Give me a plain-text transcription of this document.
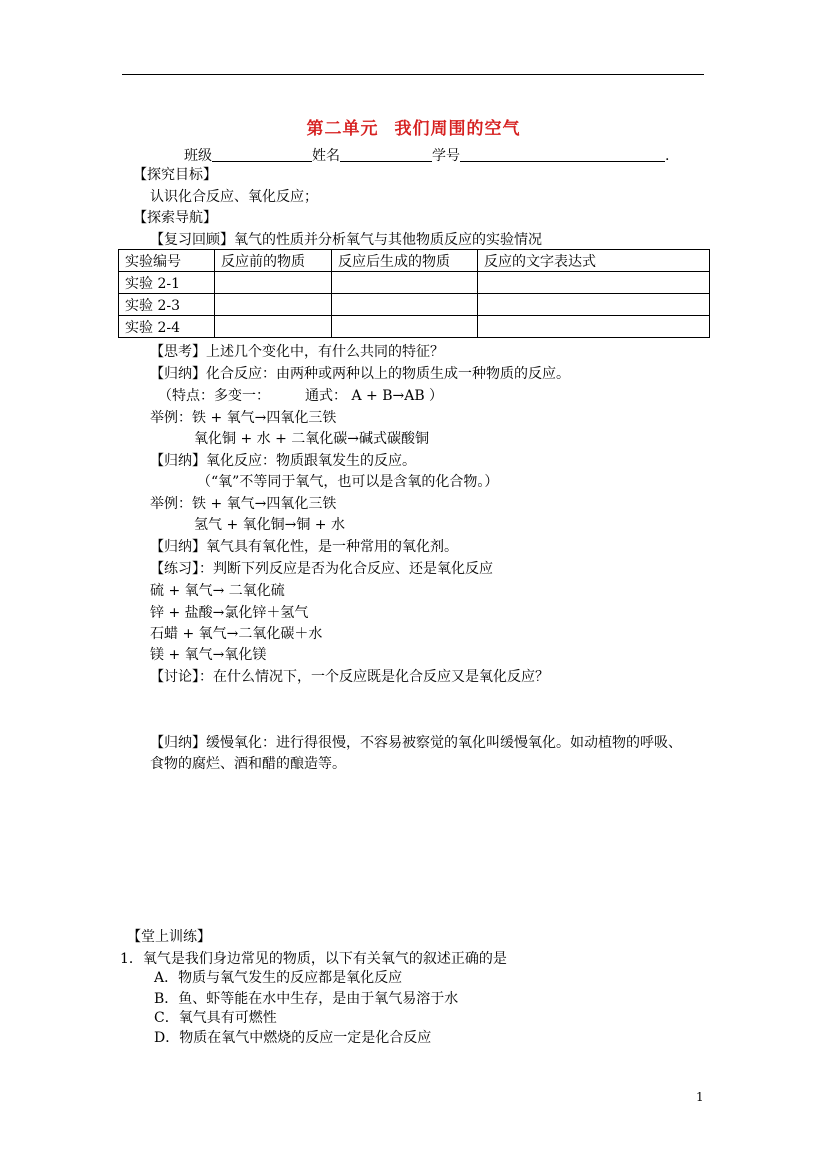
第二单元 我们周围的空气
班级	姓名	学号	.
【探究目标】
认识化合反应、氧化反应；
【探索导航】
【复习回顾】氧气的性质并分析氧气与其他物质反应的实验情况
实验编号	反应前的物质	反应后生成的物质	反应的文字表达式
实验 2-1			
实验 2-3			
实验 2-4			
【思考】上述几个变化中，有什么共同的特征？
【归纳】化合反应：由两种或两种以上的物质生成一种物质的反应。
（特点：多变一：　　　通式： A + B→AB ）
举例：铁 + 氧气→四氧化三铁
氧化铜 + 水 + 二氧化碳→碱式碳酸铜
【归纳】氧化反应：物质跟氧发生的反应。
（“氧”不等同于氧气，也可以是含氧的化合物。）
举例：铁 + 氧气→四氧化三铁
氢气 + 氧化铜→铜 + 水
【归纳】氧气具有氧化性，是一种常用的氧化剂。
【练习】：判断下列反应是否为化合反应、还是氧化反应
硫 + 氧气→ 二氧化硫
锌 + 盐酸→氯化锌＋氢气
石蜡 + 氧气→二氧化碳＋水
镁 + 氧气→氧化镁
【讨论】：在什么情况下，一个反应既是化合反应又是氧化反应？
【归纳】缓慢氧化：进行得很慢，不容易被察觉的氧化叫缓慢氧化。如动植物的呼吸、
食物的腐烂、酒和醋的酿造等。
【堂上训练】
1．氧气是我们身边常见的物质，以下有关氧气的叙述正确的是
A．物质与氧气发生的反应都是氧化反应
B．鱼、虾等能在水中生存，是由于氧气易溶于水
C．氧气具有可燃性
D．物质在氧气中燃烧的反应一定是化合反应
1
